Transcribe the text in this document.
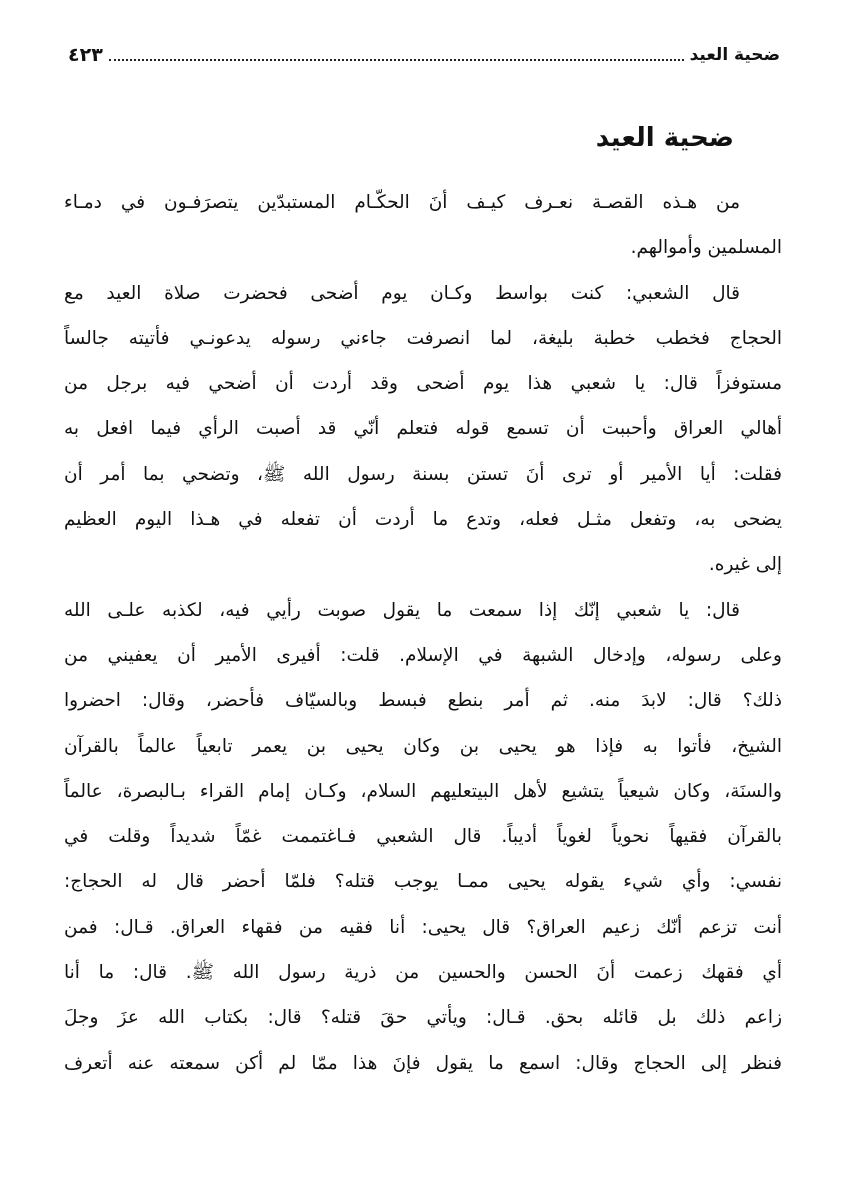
ضحية العيد
٤٢٣
ضحية العيد
من هـذه القصـة نعـرف كيـف أنَ الحكّـام المستبدّين يتصرَفـون في دمـاء
المسلمين وأموالهم.
قال الشعبي: كنت بواسط وكـان يوم أضحى فحضرت صلاة العيد مع
الحجاج فخطب خطبة بليغة، لما انصرفت جاءني رسوله يدعونـي فأتيته جالساً
مستوفزاً قال: يا شعبي هذا يوم أضحى وقد أردت أن أضحي فيه برجل من
أهالي العراق وأحببت أن تسمع قوله فتعلم أنّي قد أصبت الرأي فيما افعل به
فقلت: أيا الأمير أو ترى أنَ تستن بسنة رسول الله ﷺ، وتضحي بما أمر أن
يضحى به، وتفعل مثـل فعله، وتدع ما أردت أن تفعله في هـذا اليوم العظيم
إلى غيره.
قال: يا شعبي إنّك إذا سمعت ما يقول صوبت رأيي فيه، لكذبه علـى الله
وعلى رسوله، وإدخال الشبهة في الإسلام. قلت: أفيرى الأمير أن يعفيني من
ذلك؟ قال: لابدَ منه. ثم أمر بنطع فبسط وبالسيّاف فأحضر، وقال: احضروا
الشيخ، فأتوا به فإذا هو يحيى بن وكان يحيى بن يعمر تابعياً عالماً بالقرآن
والسنَة، وكان شيعياً يتشيع لأهل البيتعليهم السلام، وكـان إمام القراء بـالبصرة، عالماً
بالقرآن فقيهاً نحوياً لغوياً أديباً. قال الشعبي فـاغتممت غمّاً شديداً وقلت في
نفسي: وأي شيء يقوله يحيى ممـا يوجب قتله؟ فلمّا أحضر قال له الحجاج:
أنت تزعم أنّك زعيم العراق؟ قال يحيى: أنا فقيه من فقهاء العراق. قـال: فمن
أي فقهك زعمت أنَ الحسن والحسين من ذرية رسول الله ﷺ. قال: ما أنا
زاعم ذلك بل قائله بحق. قـال: ويأتي حقَ قتله؟ قال: بكتاب الله عزَ وجلَ
فنظر إلى الحجاج وقال: اسمع ما يقول فإنَ هذا ممّا لم أكن سمعته عنه أتعرف
